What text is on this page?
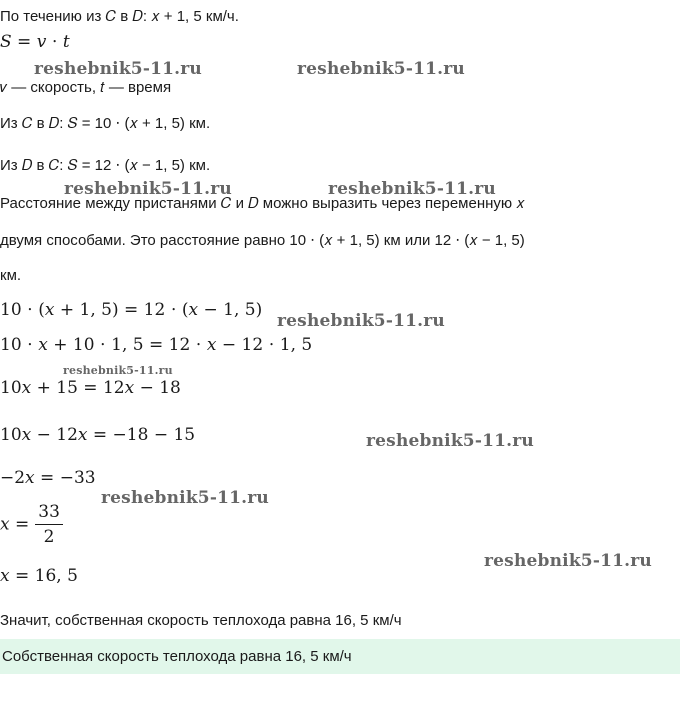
По течению из 𝐶 в 𝐷: 𝑥 + 1, 5 км/ч.
𝑆 = 𝑣 ⋅ 𝑡
𝑣 — скорость, 𝑡 — время
Из 𝐶 в 𝐷: 𝑆 = 10 ⋅ (𝑥 + 1, 5) км.
Из 𝐷 в 𝐶: 𝑆 = 12 ⋅ (𝑥 − 1, 5) км.
Расстояние между пристанями 𝐶 и 𝐷 можно выразить через переменную 𝑥
двумя способами. Это расстояние равно 10 ⋅ (𝑥 + 1, 5) км или 12 ⋅ (𝑥 − 1, 5)
км.
10 ⋅ (𝑥 + 1, 5) = 12 ⋅ (𝑥 − 1, 5)
10 ⋅ 𝑥 + 10 ⋅ 1, 5 = 12 ⋅ 𝑥 − 12 ⋅ 1, 5
10𝑥 + 15 = 12𝑥 − 18
10𝑥 − 12𝑥 = −18 − 15
−2𝑥 = −33
𝑥 = $\frac{33}{2}$
𝑥 = 16, 5
Значит, собственная скорость теплохода равна 16, 5 км/ч
Собственная скорость теплохода равна 16, 5 км/ч
reshebnik5-11.ru	reshebnik5-11.ru
reshebnik5-11.ru	reshebnik5-11.ru
reshebnik5-11.ru
reshebnik5-11.ru
reshebnik5-11.ru
reshebnik5-11.ru
reshebnik5-11.ru
